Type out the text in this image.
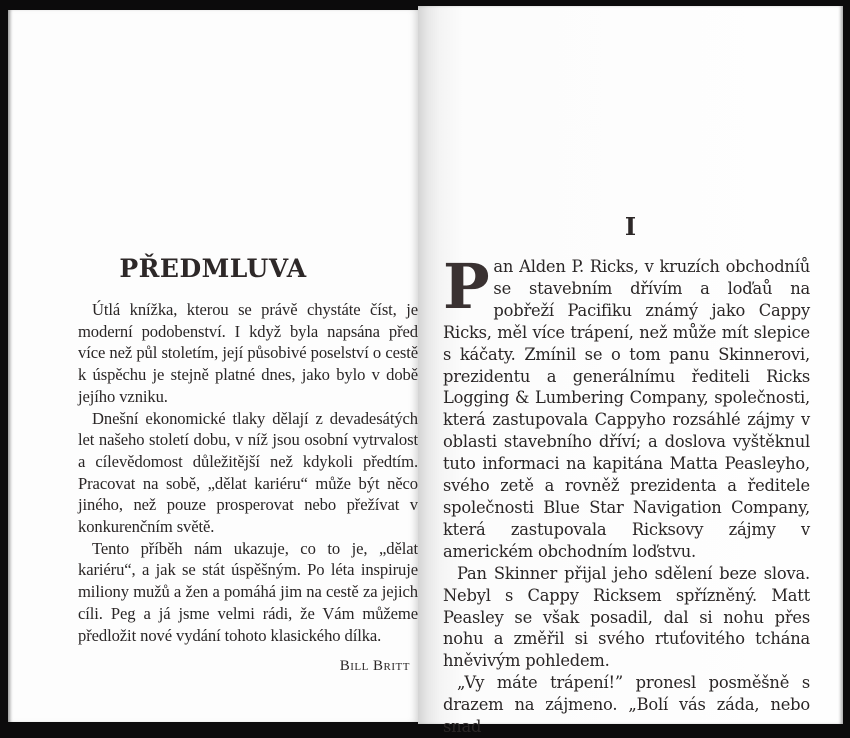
PŘEDMLUVA

Útlá knížka, kterou se právě chystáte číst, je moderní podobenství. I když byla napsána před více než půl stoletím, její působivé poselství o cestě k úspěchu je stejně platné dnes, jako bylo v době jejího vzniku.

Dnešní ekonomické tlaky dělají z devadesátých let našeho století dobu, v níž jsou osobní vytrvalost a cílevědomost důležitější než kdykoli předtím. Pracovat na sobě, „dělat kariéru“ může být něco jiného, než pouze prosperovat nebo přežívat v konkurenčním světě.

Tento příběh nám ukazuje, co to je, „dělat kariéru“, a jak se stát úspěšným. Po léta inspiruje miliony mužů a žen a pomáhá jim na cestě za jejich cíli. Peg a já jsme velmi rádi, že Vám můžeme předložit nové vydání tohoto klasického dílka.

Bill Britt
I

Pan Alden P. Ricks, v kruzích obchodníů se stavebním dřívím a loďaů na pobřeží Pacifiku známý jako Cappy Ricks, měl více trápení, než může mít slepice s káčaty. Zmínil se o tom panu Skinnerovi, prezidentu a generálnímu řediteli Ricks Logging & Lumbering Company, společnosti, která zastupovala Cappyho rozsáhlé zájmy v oblasti stavebního dříví; a doslova vyštěknul tuto informaci na kapitána Matta Peasleyho, svého zetě a rovněž prezidenta a ředitele společnosti Blue Star Navigation Company, která zastupovala Ricksovy zájmy v americkém obchodním loďstvu.

Pan Skinner přijal jeho sdělení beze slova. Nebyl s Cappy Ricksem spřízněný. Matt Peasley se však posadil, dal si nohu přes nohu a změřil si svého rtuťovitého tchána hněvivým pohledem.

„Vy máte trápení!” pronesl posměšně s drazem na zájmeno. „Bolí vás záda, nebo snad
